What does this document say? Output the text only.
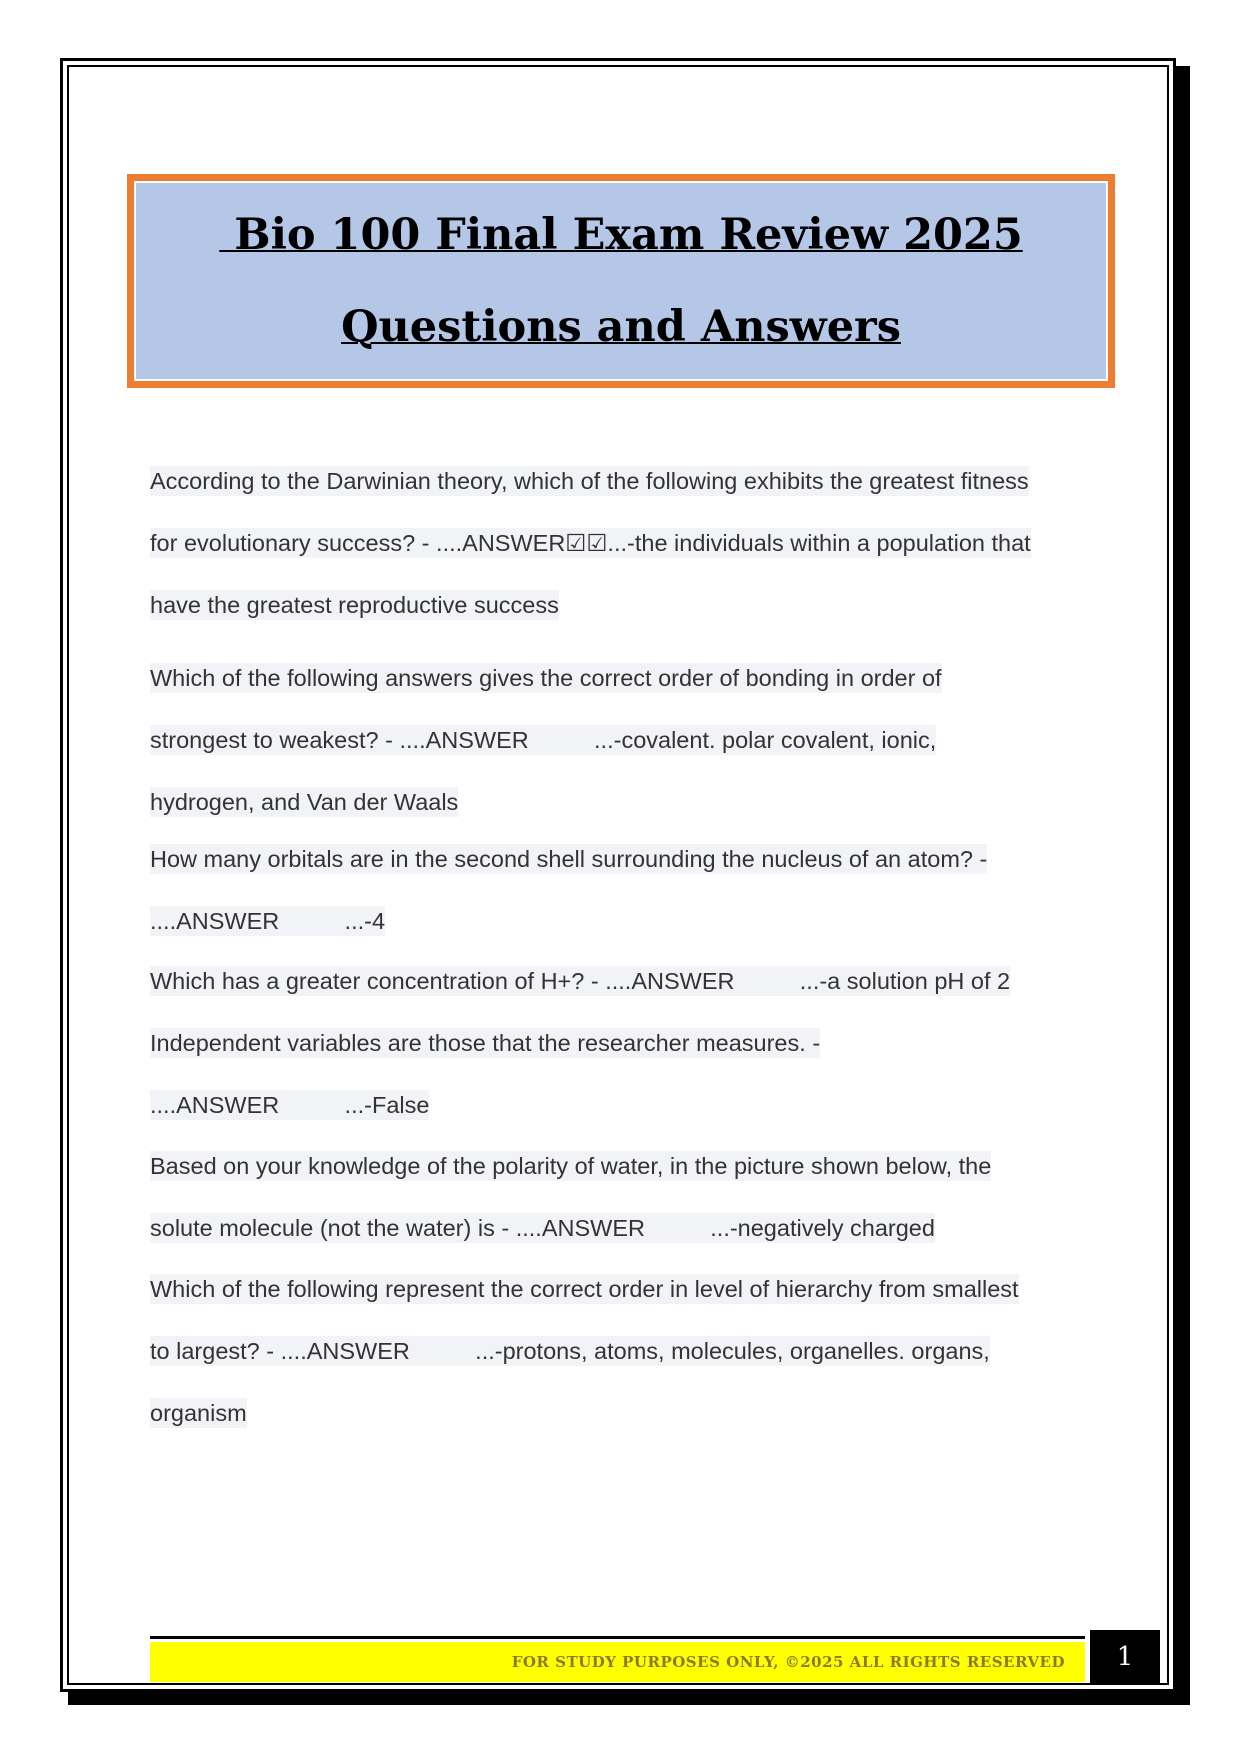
Bio 100 Final Exam Review 2025
Questions and Answers
According to the Darwinian theory, which of the following exhibits the greatest fitness
for evolutionary success? - ....ANSWER☑☑...-the individuals within a population that
have the greatest reproductive success
Which of the following answers gives the correct order of bonding in order of
strongest to weakest? - ....ANSWER          ...-covalent. polar covalent, ionic,
hydrogen, and Van der Waals
How many orbitals are in the second shell surrounding the nucleus of an atom? -
....ANSWER          ...-4
Which has a greater concentration of H+? - ....ANSWER          ...-a solution pH of 2
Independent variables are those that the researcher measures. -
....ANSWER          ...-False
Based on your knowledge of the polarity of water, in the picture shown below, the
solute molecule (not the water) is - ....ANSWER          ...-negatively charged
Which of the following represent the correct order in level of hierarchy from smallest
to largest? - ....ANSWER          ...-protons, atoms, molecules, organelles. organs,
organism
FOR STUDY PURPOSES ONLY, ©2025 ALL RIGHTS RESERVED	1
